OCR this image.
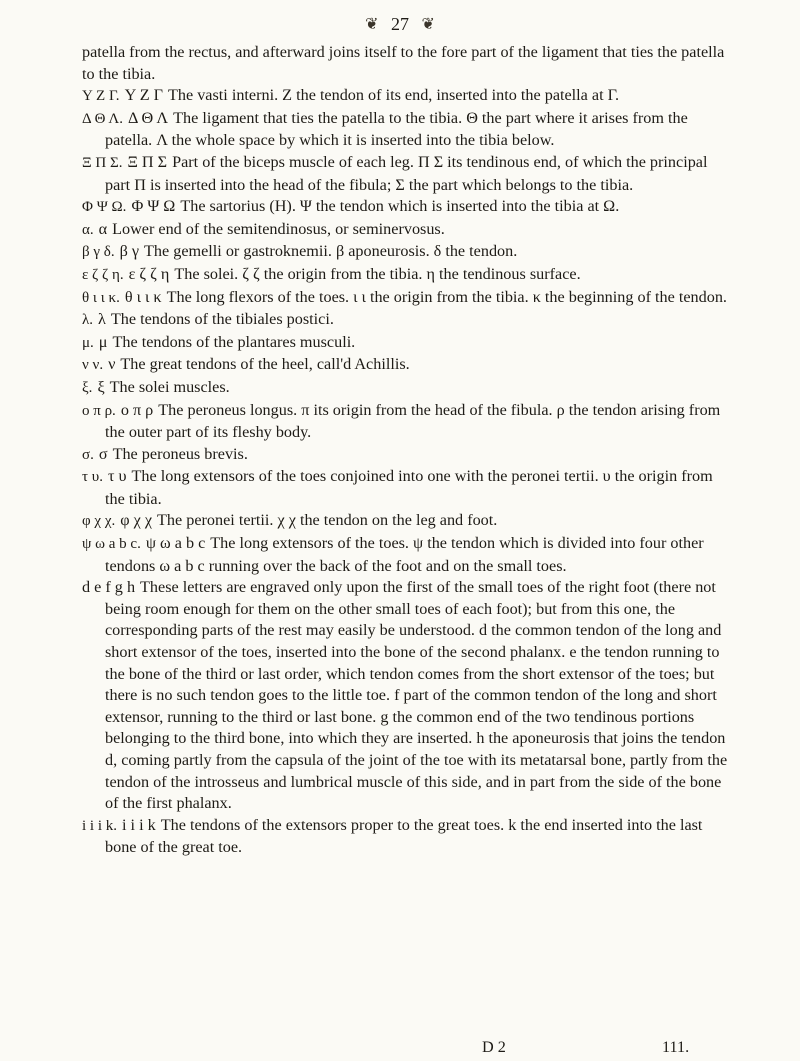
❦ 27 ❦

patella from the rectus, and afterward joins itself to the fore part of the ligament that ties the patella to the tibia.

Y Z Γ. Y Z Γ The vasti interni. Z the tendon of its end, inserted into the patella at Γ.

Δ Θ Λ. Δ Θ Λ The ligament that ties the patella to the tibia. Θ the part where it arises from the patella. Λ the whole space by which it is inserted into the tibia below.

Ξ Π Σ. Ξ Π Σ Part of the biceps muscle of each leg. Π Σ its tendinous end, of which the principal part Π is inserted into the head of the fibula; Σ the part which belongs to the tibia.

Φ Ψ Ω. Φ Ψ Ω The sartorius (H). Ψ the tendon which is inserted into the tibia at Ω.

α. α Lower end of the semitendinosus, or seminervosus.

β γ δ. β γ The gemelli or gastroknemii. β aponeurosis. δ the tendon.

ε ζ ζ η. ε ζ ζ η The solei. ζ ζ the origin from the tibia. η the tendinous surface.

θ ι ι κ. θ ι ι κ The long flexors of the toes. ι ι the origin from the tibia. κ the beginning of the tendon.

λ. λ The tendons of the tibiales postici.

μ. μ The tendons of the plantares musculi.

ν ν. ν The great tendons of the heel, call'd Achillis.

ξ. ξ The solei muscles.

ο π ρ. ο π ρ The peroneus longus. π its origin from the head of the fibula. ρ the tendon arising from the outer part of its fleshy body.

σ. σ The peroneus brevis.

τ υ. τ υ The long extensors of the toes conjoined into one with the peronei tertii. υ the origin from the tibia.

φ χ χ. φ χ χ The peronei tertii. χ χ the tendon on the leg and foot.

ψ ω a b c. ψ ω a b c The long extensors of the toes. ψ the tendon which is divided into four other tendons ω a b c running over the back of the foot and on the small toes.

d e f g h These letters are engraved only upon the first of the small toes of the right foot (there not being room enough for them on the other small toes of each foot); but from this one, the corresponding parts of the rest may easily be understood. d the common tendon of the long and short extensor of the toes, inserted into the bone of the second phalanx. e the tendon running to the bone of the third or last order, which tendon comes from the short extensor of the toes; but there is no such tendon goes to the little toe. f part of the common tendon of the long and short extensor, running to the third or last bone. g the common end of the two tendinous portions belonging to the third bone, into which they are inserted. h the aponeurosis that joins the tendon d, coming partly from the capsula of the joint of the toe with its metatarsal bone, partly from the tendon of the introsseus and lumbrical muscle of this side, and in part from the side of the bone of the first phalanx.

i i i k. i i i k The tendons of the extensors proper to the great toes. k the end inserted into the last bone of the great toe.

D 2	111.
